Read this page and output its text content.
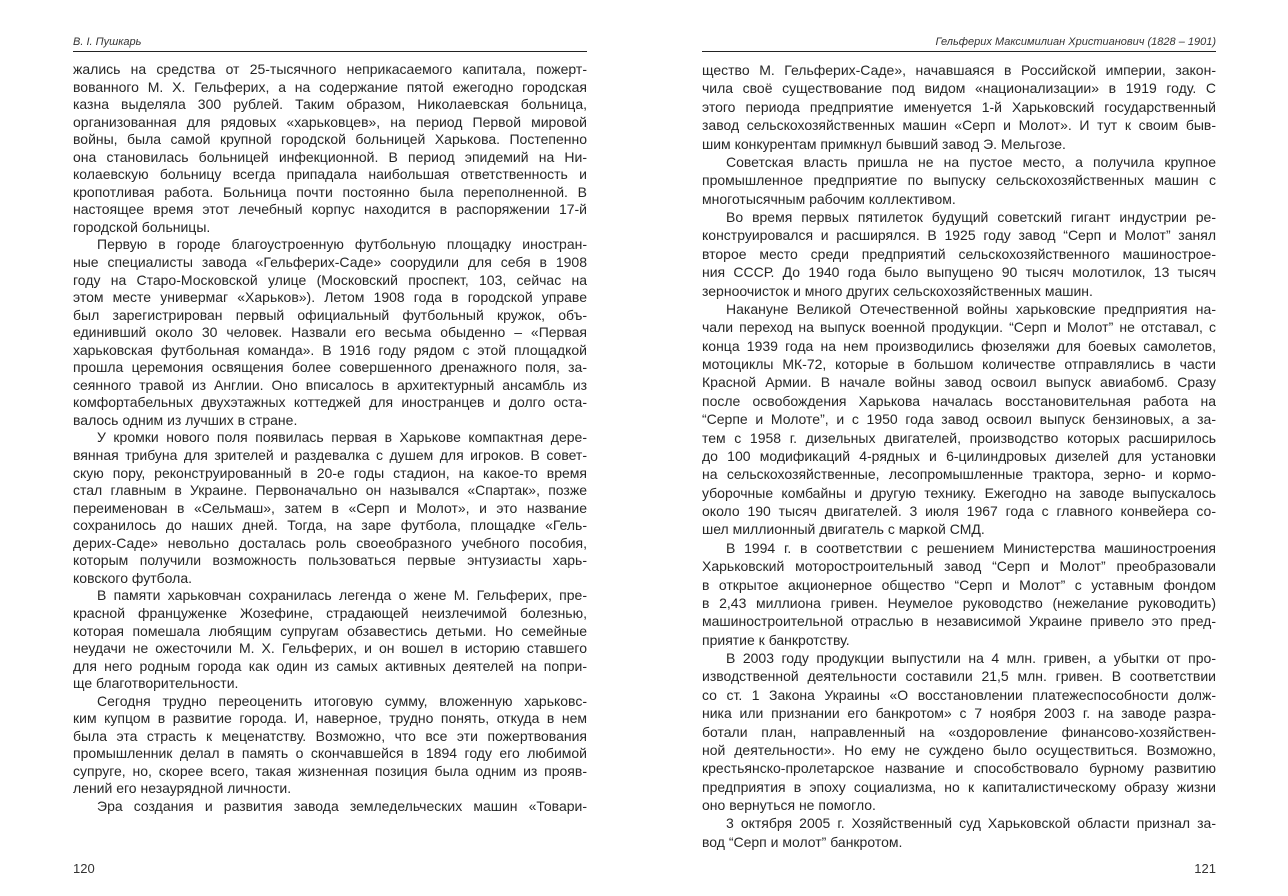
В. І. Пушкарь
жались на средства от 25-тысячного неприкасаемого капитала, пожерт-
вованного М. Х. Гельферих, а на содержание пятой ежегодно городская
казна выделяла 300 рублей. Таким образом, Николаевская больница,
организованная для рядовых «харьковцев», на период Первой мировой
войны, была самой крупной городской больницей Харькова. Постепенно
она становилась больницей инфекционной. В период эпидемий на Ни-
колаевскую больницу всегда припадала наибольшая ответственность и
кропотливая работа. Больница почти постоянно была переполненной. В
настоящее время этот лечебный корпус находится в распоряжении 17-й
городской больницы.
Первую в городе благоустроенную футбольную площадку иностран-
ные специалисты завода «Гельферих-Саде» соорудили для себя в 1908
году на Старо-Московской улице (Московский проспект, 103, сейчас на
этом месте универмаг «Харьков»). Летом 1908 года в городской управе
был зарегистрирован первый официальный футбольный кружок, объ-
единивший около 30 человек. Назвали его весьма обыденно – «Первая
харьковская футбольная команда». В 1916 году рядом с этой площадкой
прошла церемония освящения более совершенного дренажного поля, за-
сеянного травой из Англии. Оно вписалось в архитектурный ансамбль из
комфортабельных двухэтажных коттеджей для иностранцев и долго оста-
валось одним из лучших в стране.
У кромки нового поля появилась первая в Харькове компактная дере-
вянная трибуна для зрителей и раздевалка с душем для игроков. В совет-
скую пору, реконструированный в 20-е годы стадион, на какое-то время
стал главным в Украине. Первоначально он назывался «Спартак», позже
переименован в «Сельмаш», затем в «Серп и Молот», и это название
сохранилось до наших дней. Тогда, на заре футбола, площадке «Гель-
дерих-Саде» невольно досталась роль своеобразного учебного пособия,
которым получили возможность пользоваться первые энтузиасты харь-
ковского футбола.
В памяти харьковчан сохранилась легенда о жене М. Гельферих, пре-
красной француженке Жозефине, страдающей неизлечимой болезнью,
которая помешала любящим супругам обзавестись детьми. Но семейные
неудачи не ожесточили М. Х. Гельферих, и он вошел в историю ставшего
для него родным города как один из самых активных деятелей на попри-
ще благотворительности.
Сегодня трудно переоценить итоговую сумму, вложенную харьковс-
ким купцом в развитие города. И, наверное, трудно понять, откуда в нем
была эта страсть к меценатству. Возможно, что все эти пожертвования
промышленник делал в память о скончавшейся в 1894 году его любимой
супруге, но, скорее всего, такая жизненная позиция была одним из прояв-
лений его незаурядной личности.
Эра создания и развития завода земледельческих машин «Товари-
120
Гельферих Максимилиан Христианович (1828 – 1901)
щество М. Гельферих-Саде», начавшаяся в Российской империи, закон-
чила своё существование под видом «национализации» в 1919 году. С
этого периода предприятие именуется 1-й Харьковский государственный
завод сельскохозяйственных машин «Серп и Молот». И тут к своим быв-
шим конкурентам примкнул бывший завод Э. Мельгозе.
Советская власть пришла не на пустое место, а получила крупное
промышленное предприятие по выпуску сельскохозяйственных машин с
многотысячным рабочим коллективом.
Во время первых пятилеток будущий советский гигант индустрии ре-
конструировался и расширялся. В 1925 году завод “Серп и Молот” занял
второе место среди предприятий сельскохозяйственного машинострое-
ния СССР. До 1940 года было выпущено 90 тысяч молотилок, 13 тысяч
зерноочисток и много других сельскохозяйственных машин.
Накануне Великой Отечественной войны харьковские предприятия на-
чали переход на выпуск военной продукции. “Серп и Молот” не отставал, с
конца 1939 года на нем производились фюзеляжи для боевых самолетов,
мотоциклы МК-72, которые в большом количестве отправлялись в части
Красной Армии. В начале войны завод освоил выпуск авиабомб. Сразу
после освобождения Харькова началась восстановительная работа на
“Серпе и Молоте”, и с 1950 года завод освоил выпуск бензиновых, а за-
тем с 1958 г. дизельных двигателей, производство которых расширилось
до 100 модификаций 4-рядных и 6-цилиндровых дизелей для установки
на сельскохозяйственные, лесопромышленные трактора, зерно- и кормо-
уборочные комбайны и другую технику. Ежегодно на заводе выпускалось
около 190 тысяч двигателей. 3 июля 1967 года с главного конвейера со-
шел миллионный двигатель с маркой СМД.
В 1994 г. в соответствии с решением Министерства машиностроения
Харьковский моторостроительный завод “Серп и Молот” преобразовали
в открытое акционерное общество “Серп и Молот” с уставным фондом
в 2,43 миллиона гривен. Неумелое руководство (нежелание руководить)
машиностроительной отраслью в независимой Украине привело это пред-
приятие к банкротству.
В 2003 году продукции выпустили на 4 млн. гривен, а убытки от про-
изводственной деятельности составили 21,5 млн. гривен. В соответствии
со ст. 1 Закона Украины «О восстановлении платежеспособности долж-
ника или признании его банкротом» с 7 ноября 2003 г. на заводе разра-
ботали план, направленный на «оздоровление финансово-хозяйствен-
ной деятельности». Но ему не суждено было осуществиться. Возможно,
крестьянско-пролетарское название и способствовало бурному развитию
предприятия в эпоху социализма, но к капиталистическому образу жизни
оно вернуться не помогло.
3 октября 2005 г. Хозяйственный суд Харьковской области признал за-
вод “Серп и молот” банкротом.
121
